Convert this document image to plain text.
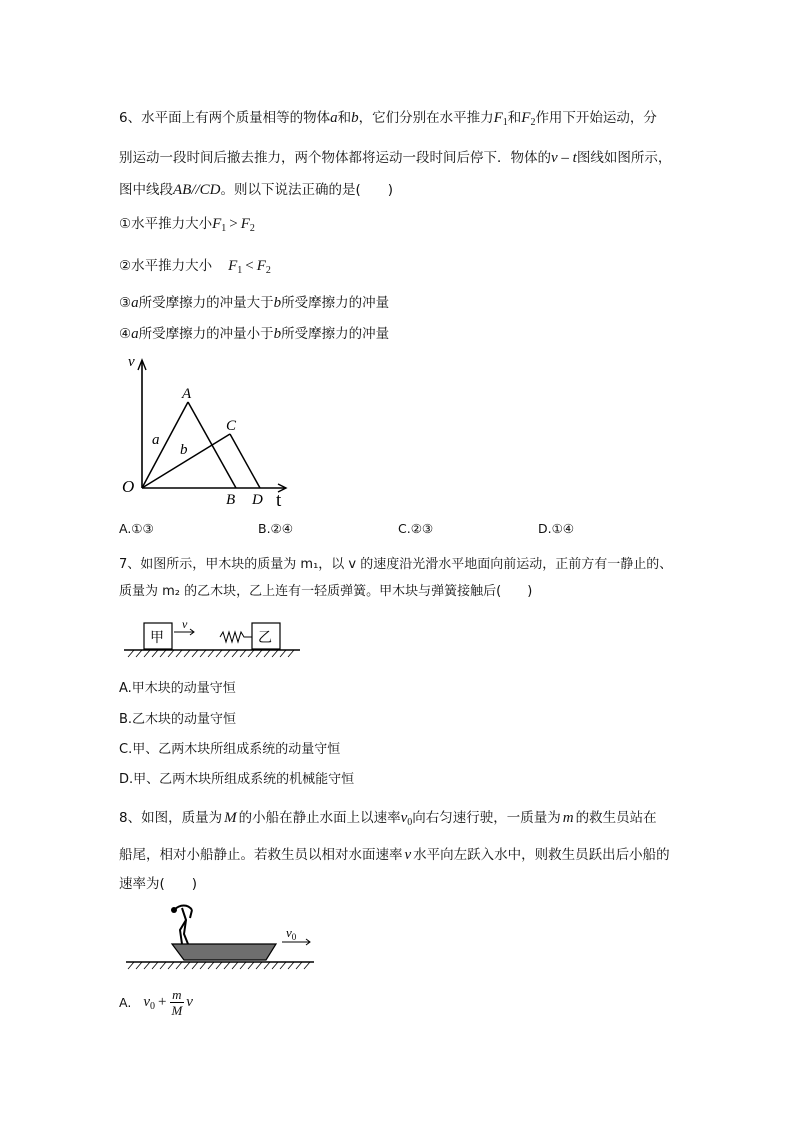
6、水平面上有两个质量相等的物体a和b，它们分别在水平推力$F_1$和$F_2$作用下开始运动，分
别运动一段时间后撤去推力，两个物体都将运动一段时间后停下．物体的v – t图线如图所示，
图中线段AB//CD。则以下说法正确的是(　　)
①水平推力大小$F_1 > F_2$
②水平推力大小 $F_1 < F_2$
③a所受摩擦力的冲量大于b所受摩擦力的冲量
④a所受摩擦力的冲量小于b所受摩擦力的冲量
v
A
C
a
b
O
B D t
A.①③	B.②④	C.②③	D.①④
7、如图所示，甲木块的质量为 m₁，以 v 的速度沿光滑水平地面向前运动，正前方有一静止的、
质量为 m₂ 的乙木块，乙上连有一轻质弹簧。甲木块与弹簧接触后(　　)
甲
v
乙
A.甲木块的动量守恒
B.乙木块的动量守恒
C.甲、乙两木块所组成系统的动量守恒
D.甲、乙两木块所组成系统的机械能守恒
8、如图，质量为 M 的小船在静止水面上以速率$v_0$向右匀速行驶，一质量为 m 的救生员站在
船尾，相对小船静止。若救生员以相对水面速率 v 水平向左跃入水中，则救生员跃出后小船的
速率为(　　)
$v_0$
A. $v_0 + m$
M
v
